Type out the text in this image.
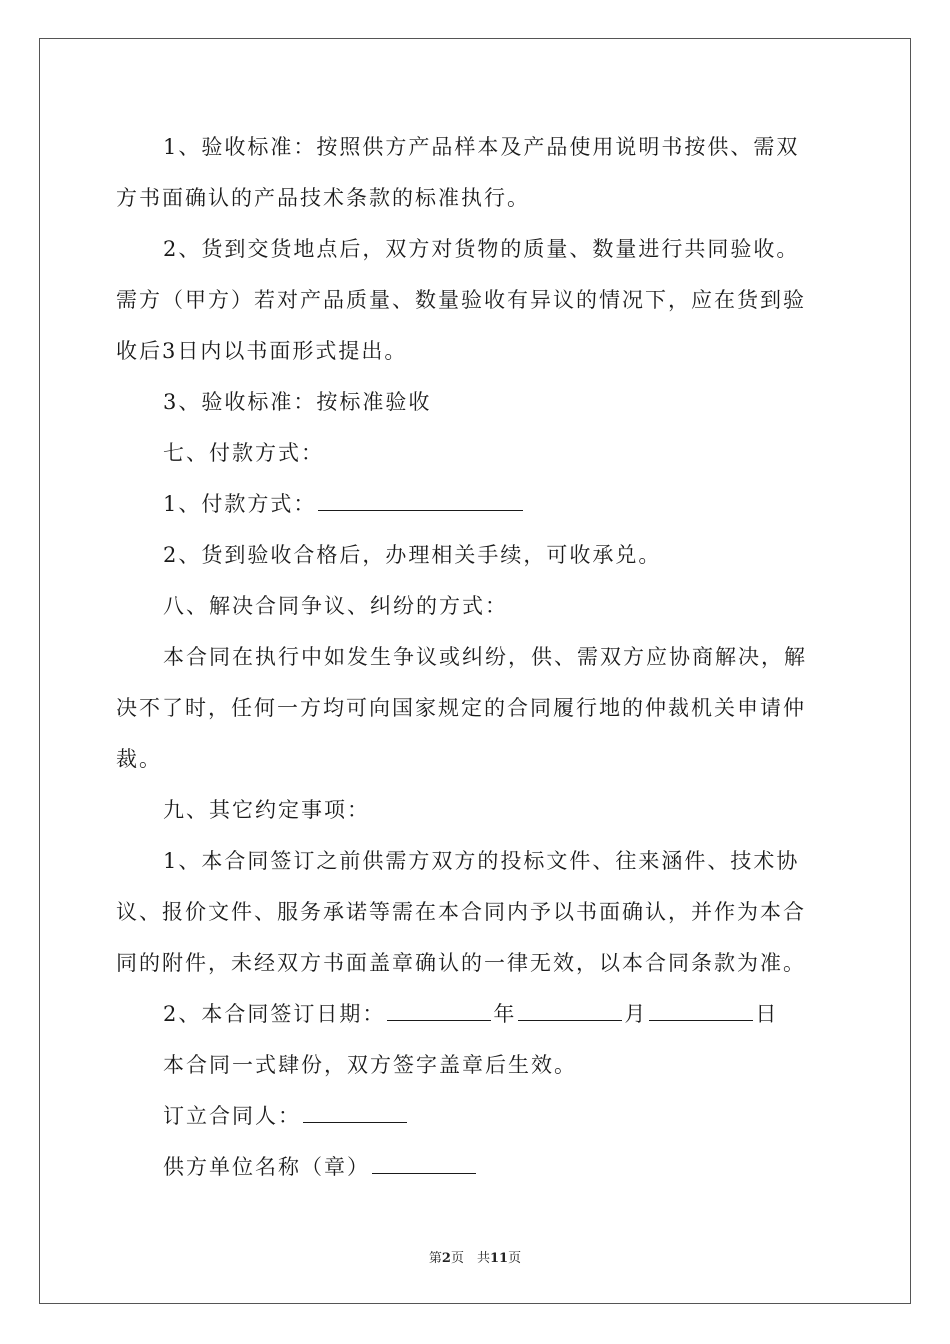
1、验收标准：按照供方产品样本及产品使用说明书按供、需双
方书面确认的产品技术条款的标准执行。
2、货到交货地点后，双方对货物的质量、数量进行共同验收。
需方（甲方）若对产品质量、数量验收有异议的情况下，应在货到验
收后3日内以书面形式提出。
3、验收标准：按标准验收
七、付款方式：
1、付款方式：
2、货到验收合格后，办理相关手续，可收承兑。
八、解决合同争议、纠纷的方式：
本合同在执行中如发生争议或纠纷，供、需双方应协商解决，解
决不了时，任何一方均可向国家规定的合同履行地的仲裁机关申请仲
裁。
九、其它约定事项：
1、本合同签订之前供需方双方的投标文件、往来涵件、技术协
议、报价文件、服务承诺等需在本合同内予以书面确认，并作为本合
同的附件，未经双方书面盖章确认的一律无效，以本合同条款为准。
2、本合同签订日期：	年	月	日
本合同一式肆份，双方签字盖章后生效。
订立合同人：
供方单位名称（章）
第2页　共11页
